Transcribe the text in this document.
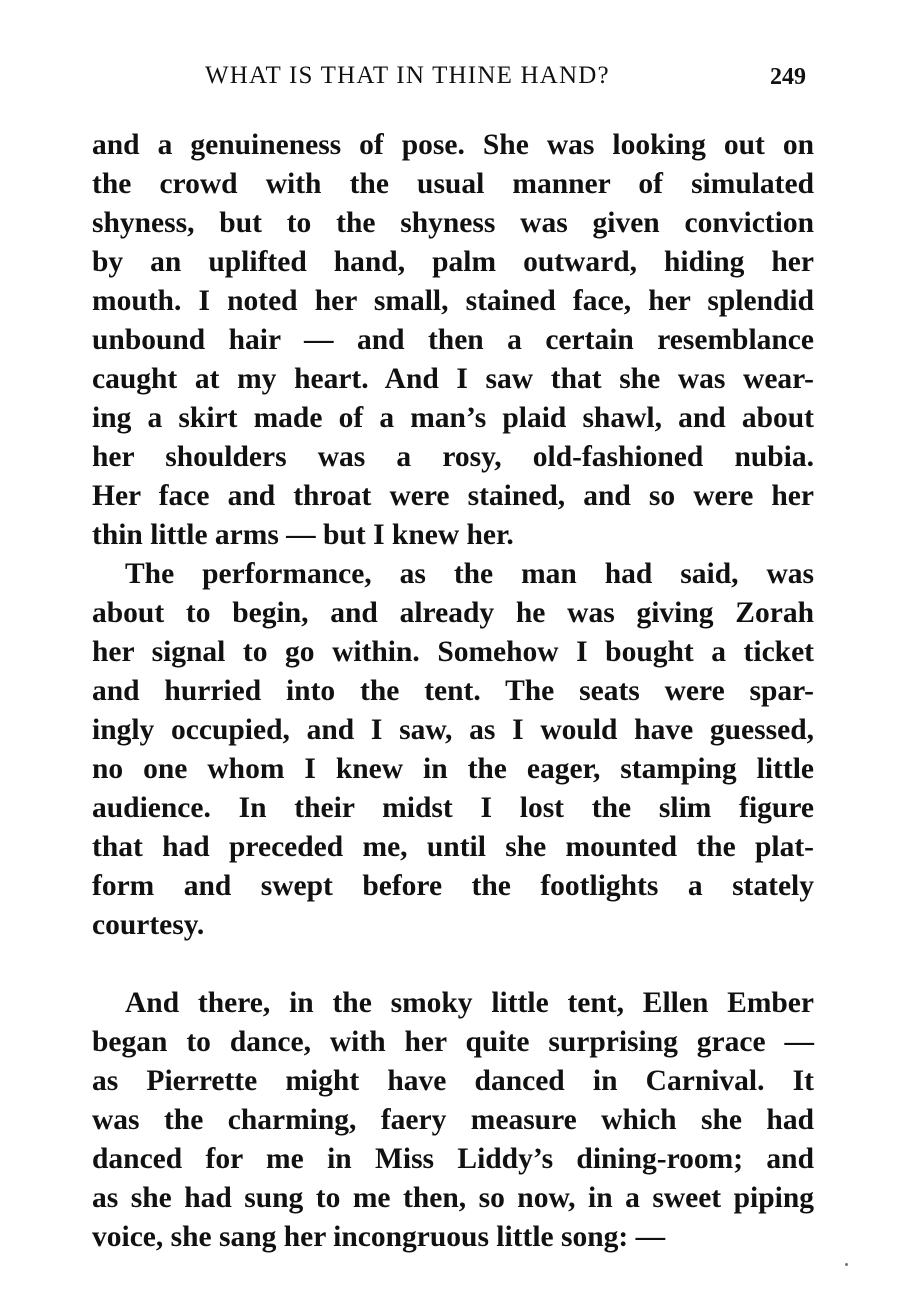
WHAT IS THAT IN THINE HAND?	249
and a genuineness of pose. She was looking out on
the crowd with the usual manner of simulated
shyness, but to the shyness was given conviction
by an uplifted hand, palm outward, hiding her
mouth. I noted her small, stained face, her splendid
unbound hair — and then a certain resemblance
caught at my heart. And I saw that she was wear-
ing a skirt made of a man’s plaid shawl, and about
her shoulders was a rosy, old-fashioned nubia.
Her face and throat were stained, and so were her
thin little arms — but I knew her.
The performance, as the man had said, was
about to begin, and already he was giving Zorah
her signal to go within. Somehow I bought a ticket
and hurried into the tent. The seats were spar-
ingly occupied, and I saw, as I would have guessed,
no one whom I knew in the eager, stamping little
audience. In their midst I lost the slim figure
that had preceded me, until she mounted the plat-
form and swept before the footlights a stately
courtesy.
And there, in the smoky little tent, Ellen Ember
began to dance, with her quite surprising grace —
as Pierrette might have danced in Carnival. It
was the charming, faery measure which she had
danced for me in Miss Liddy’s dining-room; and
as she had sung to me then, so now, in a sweet piping
voice, she sang her incongruous little song: —
